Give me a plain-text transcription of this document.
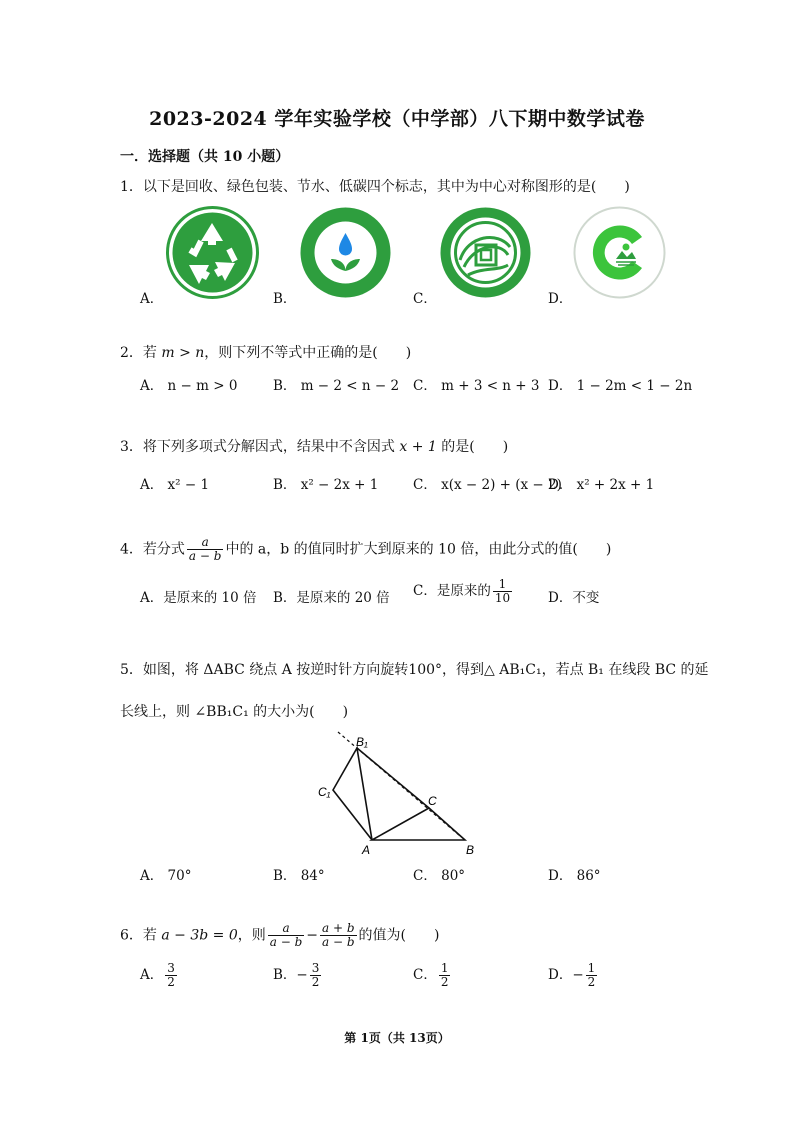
2023-2024 学年实验学校（中学部）八下期中数学试卷
一．选择题（共 10 小题）
1．以下是回收、绿色包装、节水、低碳四个标志，其中为中心对称图形的是(　　)
A．	B．	C．	D．
2．若 m > n，则下列不等式中正确的是(　　)
A． n − m > 0	B． m − 2 < n − 2 C． m + 3 < n + 3 D． 1 − 2m < 1 − 2n
3．将下列多项式分解因式，结果中不含因式 x + 1 的是(　　)
A． x² − 1	B． x² − 2x + 1	C． x(x − 2) + (x − 2)
D． x² + 2x + 1
4．若分式 $\frac{a}{a - b}$ 中的 a，b 的值同时扩大到原来的 10 倍，由此分式的值(　　)
A．是原来的 10 倍 B．是原来的 20 倍 C．是原来的 $\frac{1}{10}$	D．不变
5．如图，将 ΔABC 绕点 A 按逆时针方向旋转100°，得到△ AB₁C₁，若点 B₁ 在线段 BC 的延
长线上，则 ∠BB₁C₁ 的大小为(　　)
B₁
C₁
C
A	B
A． 70°	B． 84°	C． 80°	D． 86°
6．若 a − 3b = 0，则 $\frac{a}{a - b} - \frac{a + b}{a - b}$ 的值为(　　)
A． $\frac{3}{2}$	B．− $\frac{3}{2}$	C． $\frac{1}{2}$	D．− $\frac{1}{2}$
第 1页（共 13页）
